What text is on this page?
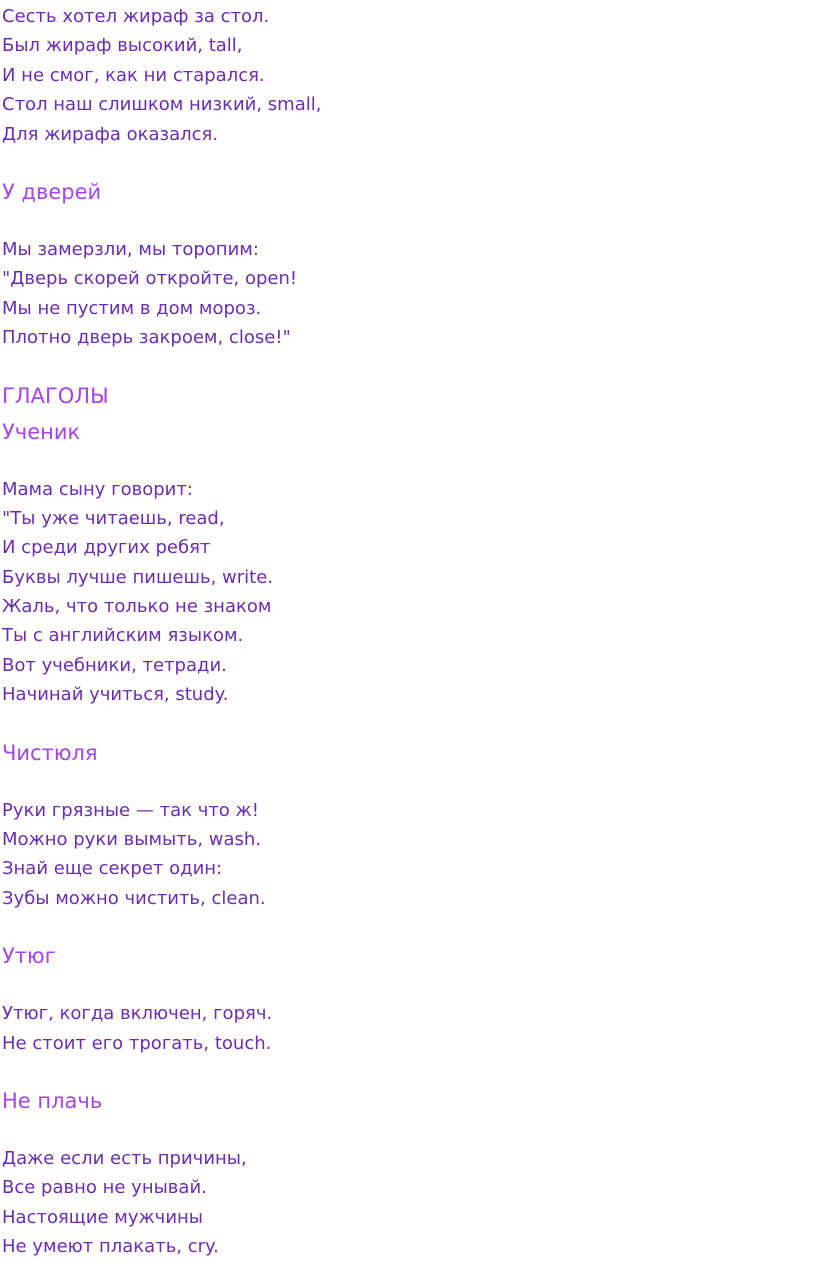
Сесть хотел жираф за стол.
Был жираф высокий, tall,
И не смог, как ни старался.
Стол наш слишком низкий, small,
Для жирафа оказался.
У дверей
Мы замерзли, мы торопим:
"Дверь скорей откройте, open!
Мы не пустим в дом мороз.
Плотно дверь закроем, close!"
ГЛАГОЛЫ
Ученик
Мама сыну говорит:
"Ты уже читаешь, read,
И среди других ребят
Буквы лучше пишешь, write.
Жаль, что только не знаком
Ты с английским языком.
Вот учебники, тетради.
Начинай учиться, study.
Чистюля
Руки грязные — так что ж!
Можно руки вымыть, wash.
Знай еще секрет один:
Зубы можно чистить, clean.
Утюг
Утюг, когда включен, горяч.
Не стоит его трогать, touch.
Не плачь
Даже если есть причины,
Все равно не унывай.
Настоящие мужчины
Не умеют плакать, cry.
